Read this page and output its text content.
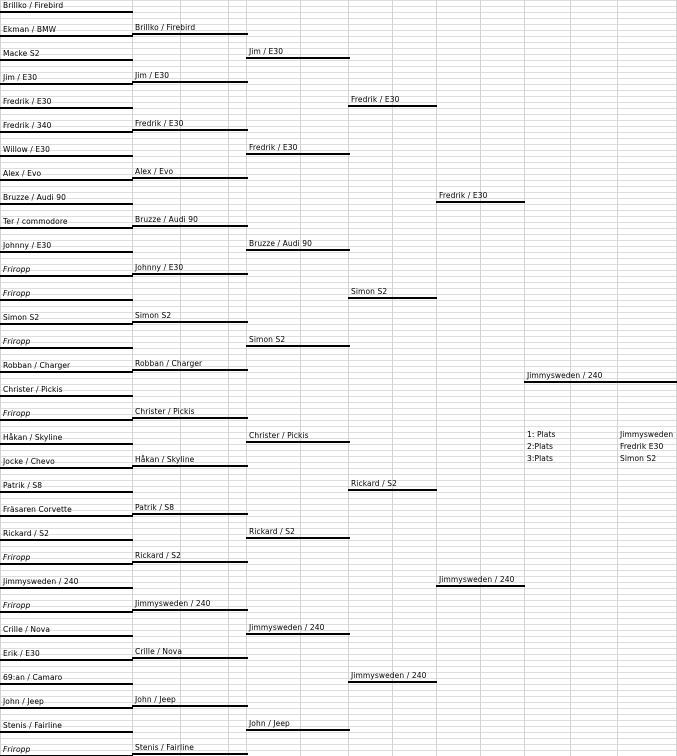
Brillko / Firebird
Ekman / BMW
Macke S2
Jim / E30
Fredrik / E30
Fredrik / 340
Willow / E30
Alex / Evo
Bruzze / Audi 90
Ter / commodore
Johnny / E30
Friropp
Friropp
Simon S2
Friropp
Robban / Charger
Christer / Pickis
Friropp
Håkan / Skyline
Jocke / Chevo
Patrik / S8
Fräsaren Corvette
Rickard / S2
Friropp
Jimmysweden / 240
Friropp
Crille / Nova
Erik / E30
69:an / Camaro
John / Jeep
Stenis / Fairline
Friropp
Brillko / Firebird
Jim / E30
Fredrik / E30
Alex / Evo
Bruzze / Audi 90
Johnny / E30
Simon S2
Robban / Charger
Christer / Pickis
Håkan / Skyline
Patrik / S8
Rickard / S2
Jimmysweden / 240
Crille / Nova
John / Jeep
Stenis / Fairline
Jim / E30
Fredrik / E30
Bruzze / Audi 90
Simon S2
Christer / Pickis
Rickard / S2
Jimmysweden / 240
John / Jeep
Fredrik / E30
Simon S2
Rickard / S2
Jimmysweden / 240
Fredrik / E30
Jimmysweden / 240
Jimmysweden / 240
1: Plats	Jimmysweden
2:Plats	Fredrik E30
3:Plats	Simon S2
